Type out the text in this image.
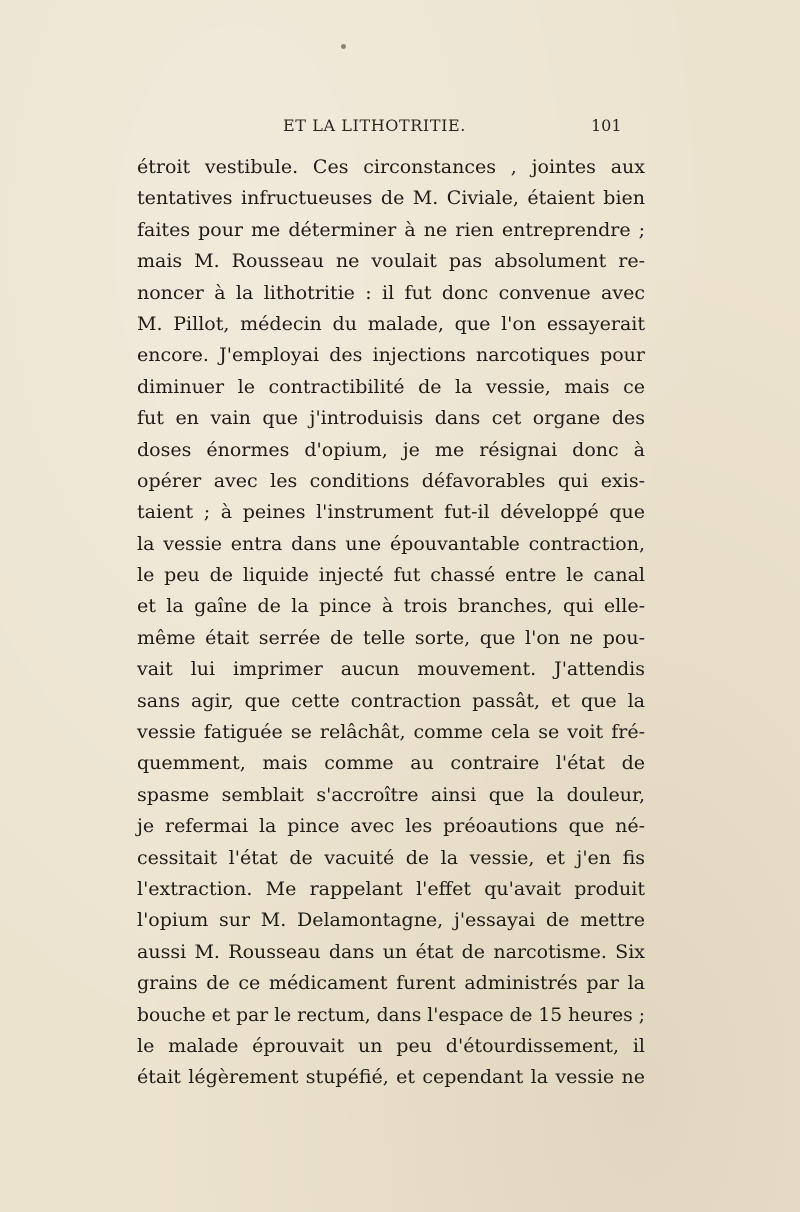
ET LA LITHOTRITIE.	101
étroit vestibule. Ces circonstances , jointes aux
tentatives infructueuses de M. Civiale, étaient bien
faites pour me déterminer à ne rien entreprendre ;
mais M. Rousseau ne voulait pas absolument re-
noncer à la lithotritie : il fut donc convenue avec
M. Pillot, médecin du malade, que l'on essayerait
encore. J'employai des injections narcotiques pour
diminuer le contractibilité de la vessie, mais ce
fut en vain que j'introduisis dans cet organe des
doses énormes d'opium, je me résignai donc à
opérer avec les conditions défavorables qui exis-
taient ; à peines l'instrument fut-il développé que
la vessie entra dans une épouvantable contraction,
le peu de liquide injecté fut chassé entre le canal
et la gaîne de la pince à trois branches, qui elle-
même était serrée de telle sorte, que l'on ne pou-
vait lui imprimer aucun mouvement. J'attendis
sans agir, que cette contraction passât, et que la
vessie fatiguée se relâchât, comme cela se voit fré-
quemment, mais comme au contraire l'état de
spasme semblait s'accroître ainsi que la douleur,
je refermai la pince avec les préoautions que né-
cessitait l'état de vacuité de la vessie, et j'en fis
l'extraction. Me rappelant l'effet qu'avait produit
l'opium sur M. Delamontagne, j'essayai de mettre
aussi M. Rousseau dans un état de narcotisme. Six
grains de ce médicament furent administrés par la
bouche et par le rectum, dans l'espace de 15 heures ;
le malade éprouvait un peu d'étourdissement, il
était légèrement stupéfié, et cependant la vessie ne
